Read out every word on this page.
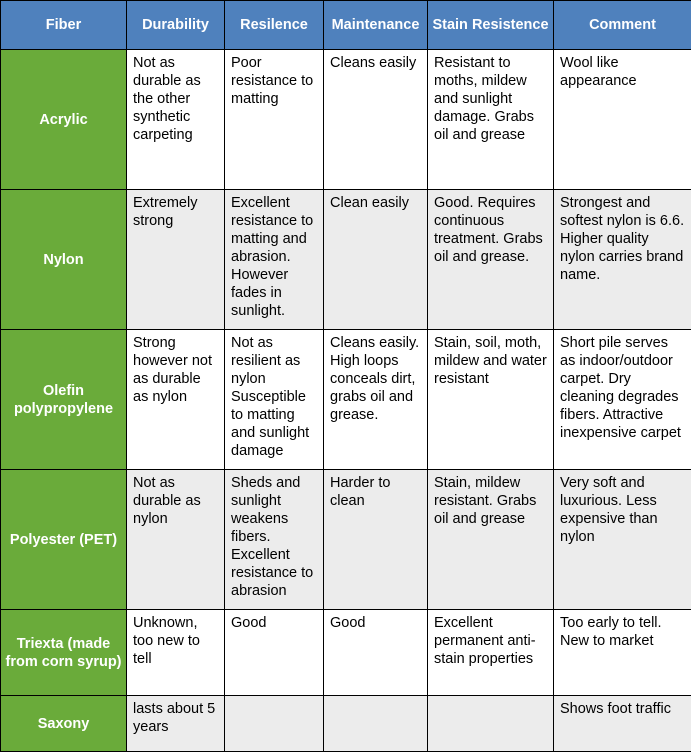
Fiber	Durability	Resilence	Maintenance	Stain Resistence	Comment
Acrylic	Not as durable as the other synthetic carpeting	Poor resistance to matting	Cleans easily	Resistant to moths, mildew and sunlight damage. Grabs oil and grease	Wool like appearance
Nylon	Extremely strong	Excellent resistance to matting and abrasion. However fades in sunlight.	Clean easily	Good. Requires continuous treatment. Grabs oil and grease.	Strongest and softest nylon is 6.6. Higher quality nylon carries brand name.
Olefin polypropylene	Strong however not as durable as nylon	Not as resilient as nylon Susceptible to matting and sunlight damage	Cleans easily. High loops conceals dirt, grabs oil and grease.	Stain, soil, moth, mildew and water resistant	Short pile serves as indoor/outdoor carpet. Dry cleaning degrades fibers. Attractive inexpensive carpet
Polyester (PET)	Not as durable as nylon	Sheds and sunlight weakens fibers. Excellent resistance to abrasion	Harder to clean	Stain, mildew resistant. Grabs oil and grease	Very soft and luxurious. Less expensive than nylon
Triexta (made from corn syrup)	Unknown, too new to tell	Good	Good	Excellent permanent anti-stain properties	Too early to tell. New to market
Saxony	lasts about 5 years				Shows foot traffic
